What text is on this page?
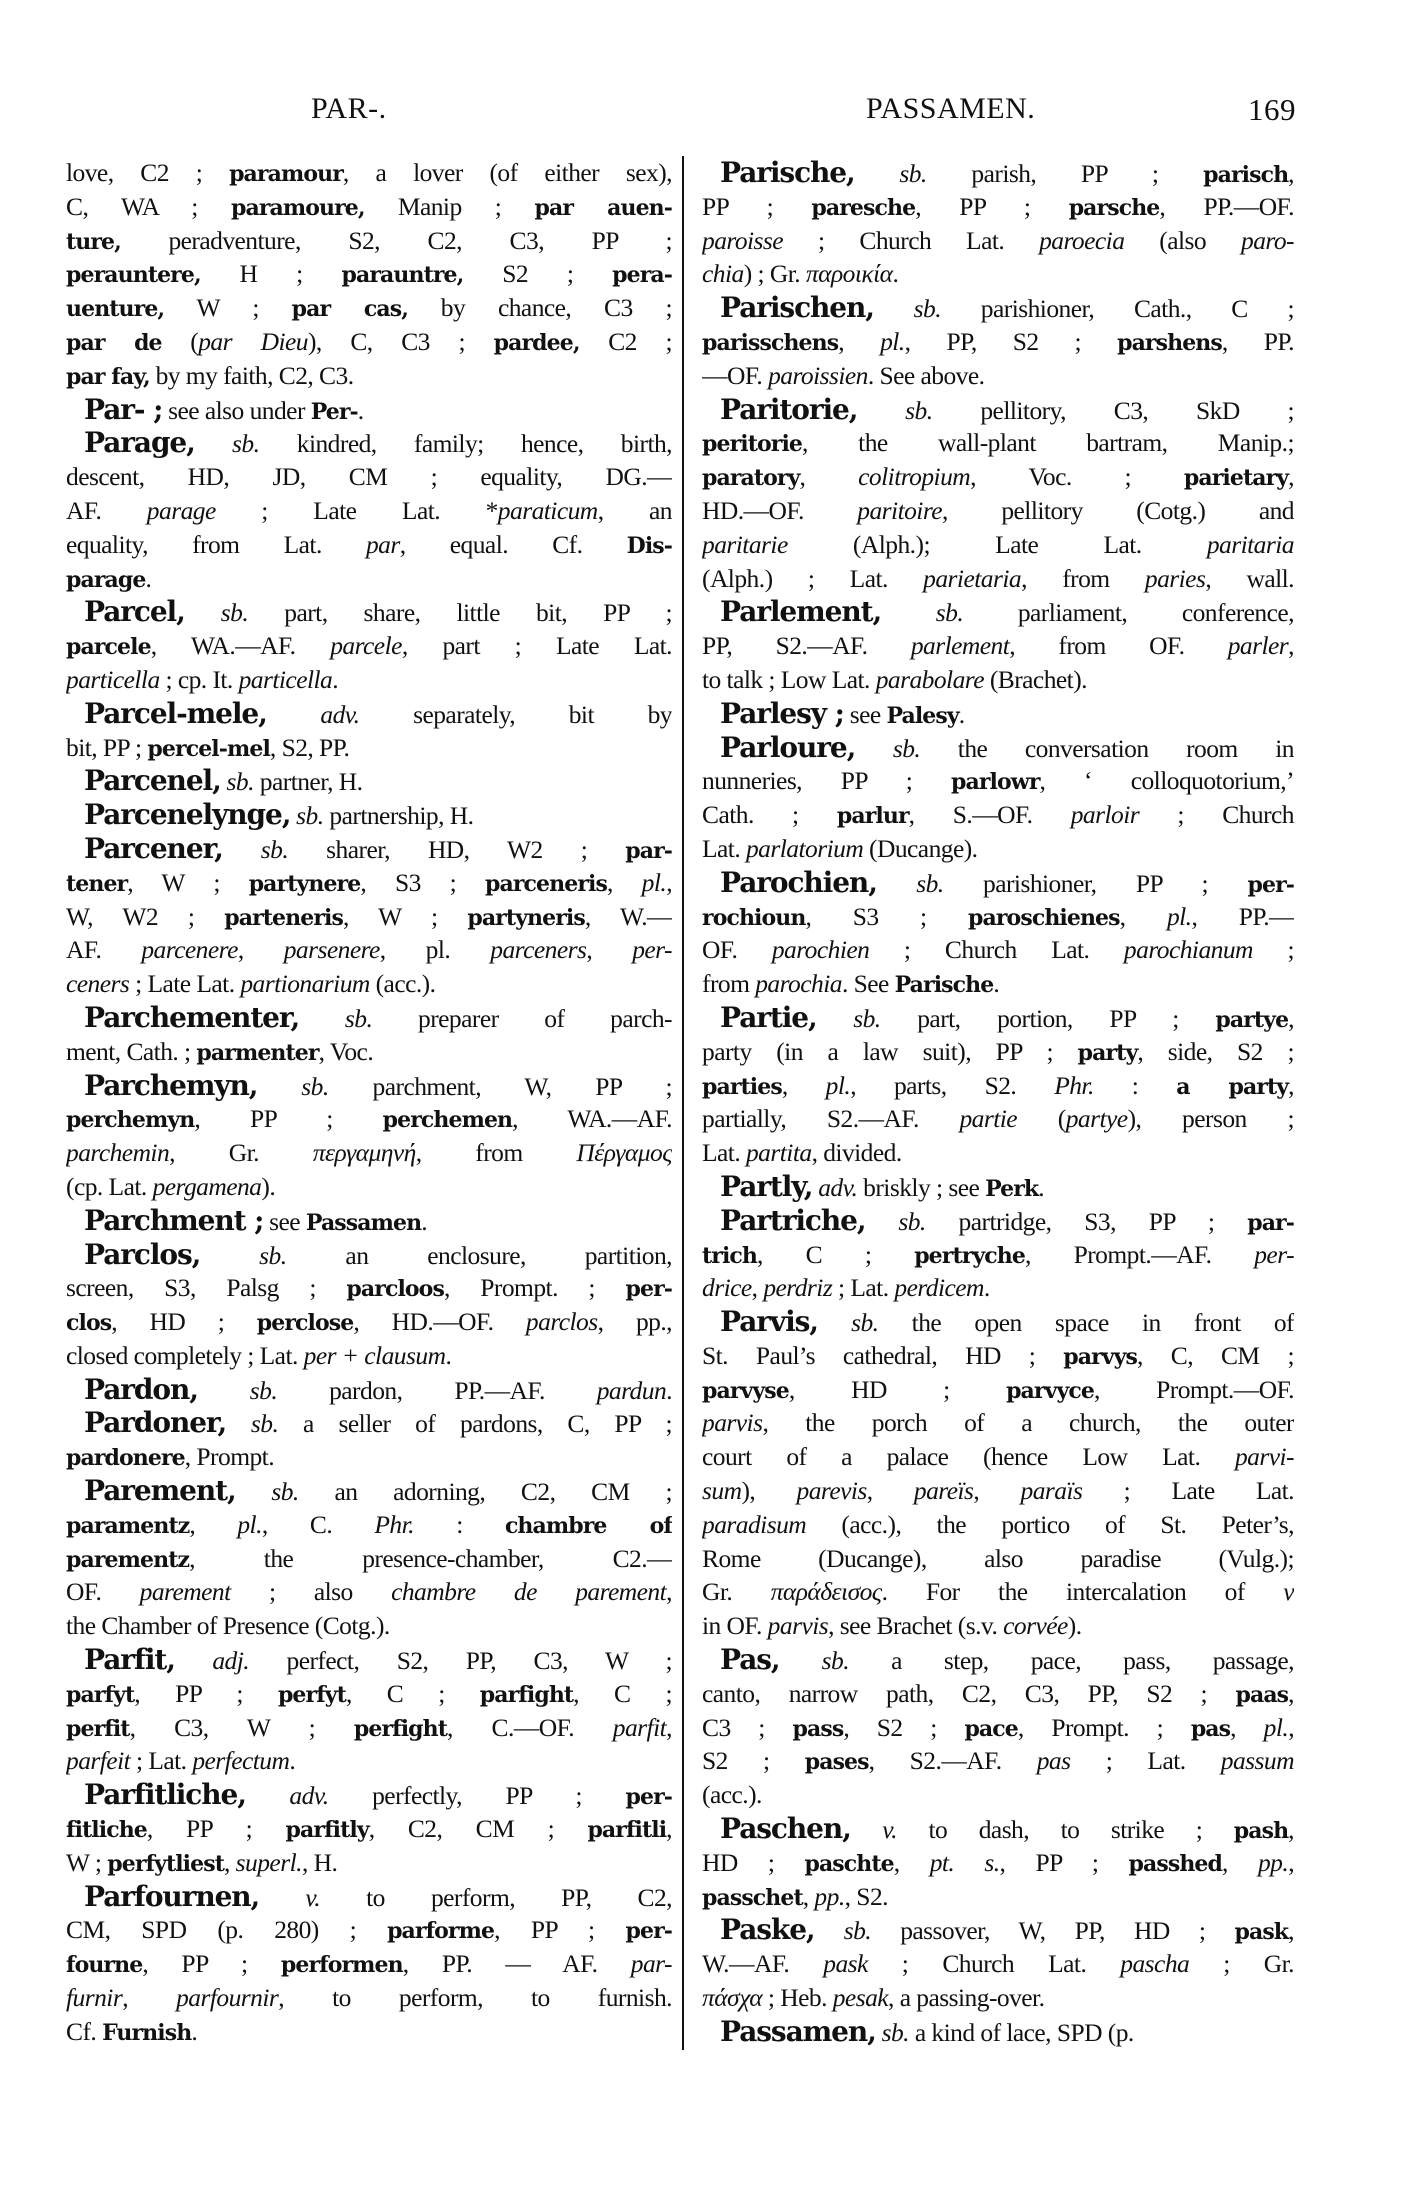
PAR-.	PASSAMEN.	169
love, C2 ; paramour, a lover (of either sex),
C, WA ; paramoure, Manip ; par auen-
ture, peradventure, S2, C2, C3, PP ;
perauntere, H ; parauntre, S2 ; pera-
uenture, W ; par cas, by chance, C3 ;
par de (par Dieu), C, C3 ; pardee, C2 ;
par fay, by my faith, C2, C3.
Par- ; see also under Per-.
Parage, sb. kindred, family; hence, birth,
descent, HD, JD, CM ; equality, DG.—
AF. parage ; Late Lat. *paraticum, an
equality, from Lat. par, equal. Cf. Dis-
parage.
Parcel, sb. part, share, little bit, PP ;
parcele, WA.—AF. parcele, part ; Late Lat.
particella ; cp. It. particella.
Parcel-mele, adv. separately, bit by
bit, PP ; percel-mel, S2, PP.
Parcenel, sb. partner, H.
Parcenelynge, sb. partnership, H.
Parcener, sb. sharer, HD, W2 ; par-
tener, W ; partynere, S3 ; parceneris, pl.,
W, W2 ; parteneris, W ; partyneris, W.—
AF. parcenere, parsenere, pl. parceners, per-
ceners ; Late Lat. partionarium (acc.).
Parchementer, sb. preparer of parch-
ment, Cath. ; parmenter, Voc.
Parchemyn, sb. parchment, W, PP ;
perchemyn, PP ; perchemen, WA.—AF.
parchemin, Gr. περγαμηνή, from Πέργαμος
(cp. Lat. pergamena).
Parchment ; see Passamen.
Parclos, sb. an enclosure, partition,
screen, S3, Palsg ; parcloos, Prompt. ; per-
clos, HD ; perclose, HD.—OF. parclos, pp.,
closed completely ; Lat. per + clausum.
Pardon, sb. pardon, PP.—AF. pardun.
Pardoner, sb. a seller of pardons, C, PP ;
pardonere, Prompt.
Parement, sb. an adorning, C2, CM ;
paramentz, pl., C. Phr. : chambre of
parementz, the presence-chamber, C2.—
OF. parement ; also chambre de parement,
the Chamber of Presence (Cotg.).
Parfit, adj. perfect, S2, PP, C3, W ;
parfyt, PP ; perfyt, C ; parfight, C ;
perfit, C3, W ; perfight, C.—OF. parfit,
parfeit ; Lat. perfectum.
Parfitliche, adv. perfectly, PP ; per-
fitliche, PP ; parfitly, C2, CM ; parfitli,
W ; perfytliest, superl., H.
Parfournen, v. to perform, PP, C2,
CM, SPD (p. 280) ; parforme, PP ; per-
fourne, PP ; performen, PP. — AF. par-
furnir, parfournir, to perform, to furnish.
Cf. Furnish.
Parische, sb. parish, PP ; parisch,
PP ; paresche, PP ; parsche, PP.—OF.
paroisse ; Church Lat. paroecia (also paro-
chia) ; Gr. παροικία.
Parischen, sb. parishioner, Cath., C ;
parisschens, pl., PP, S2 ; parshens, PP.
—OF. paroissien. See above.
Paritorie, sb. pellitory, C3, SkD ;
peritorie, the wall-plant bartram, Manip.;
paratory, colitropium, Voc. ; parietary,
HD.—OF. paritoire, pellitory (Cotg.) and
paritarie (Alph.); Late Lat. paritaria
(Alph.) ; Lat. parietaria, from paries, wall.
Parlement, sb. parliament, conference,
PP, S2.—AF. parlement, from OF. parler,
to talk ; Low Lat. parabolare (Brachet).
Parlesy ; see Palesy.
Parloure, sb. the conversation room in
nunneries, PP ; parlowr, ‘ colloquotorium,’
Cath. ; parlur, S.—OF. parloir ; Church
Lat. parlatorium (Ducange).
Parochien, sb. parishioner, PP ; per-
rochioun, S3 ; paroschienes, pl., PP.—
OF. parochien ; Church Lat. parochianum ;
from parochia. See Parische.
Partie, sb. part, portion, PP ; partye,
party (in a law suit), PP ; party, side, S2 ;
parties, pl., parts, S2. Phr. : a party,
partially, S2.—AF. partie (partye), person ;
Lat. partita, divided.
Partly, adv. briskly ; see Perk.
Partriche, sb. partridge, S3, PP ; par-
trich, C ; pertryche, Prompt.—AF. per-
drice, perdriz ; Lat. perdicem.
Parvis, sb. the open space in front of
St. Paul’s cathedral, HD ; parvys, C, CM ;
parvyse, HD ; parvyce, Prompt.—OF.
parvis, the porch of a church, the outer
court of a palace (hence Low Lat. parvi-
sum), parevis, pareïs, paraïs ; Late Lat.
paradisum (acc.), the portico of St. Peter’s,
Rome (Ducange), also paradise (Vulg.);
Gr. παράδεισος. For the intercalation of v
in OF. parvis, see Brachet (s.v. corvée).
Pas, sb. a step, pace, pass, passage,
canto, narrow path, C2, C3, PP, S2 ; paas,
C3 ; pass, S2 ; pace, Prompt. ; pas, pl.,
S2 ; pases, S2.—AF. pas ; Lat. passum
(acc.).
Paschen, v. to dash, to strike ; pash,
HD ; paschte, pt. s., PP ; passhed, pp.,
passchet, pp., S2.
Paske, sb. passover, W, PP, HD ; pask,
W.—AF. pask ; Church Lat. pascha ; Gr.
πάσχα ; Heb. pesak, a passing-over.
Passamen, sb. a kind of lace, SPD (p.
